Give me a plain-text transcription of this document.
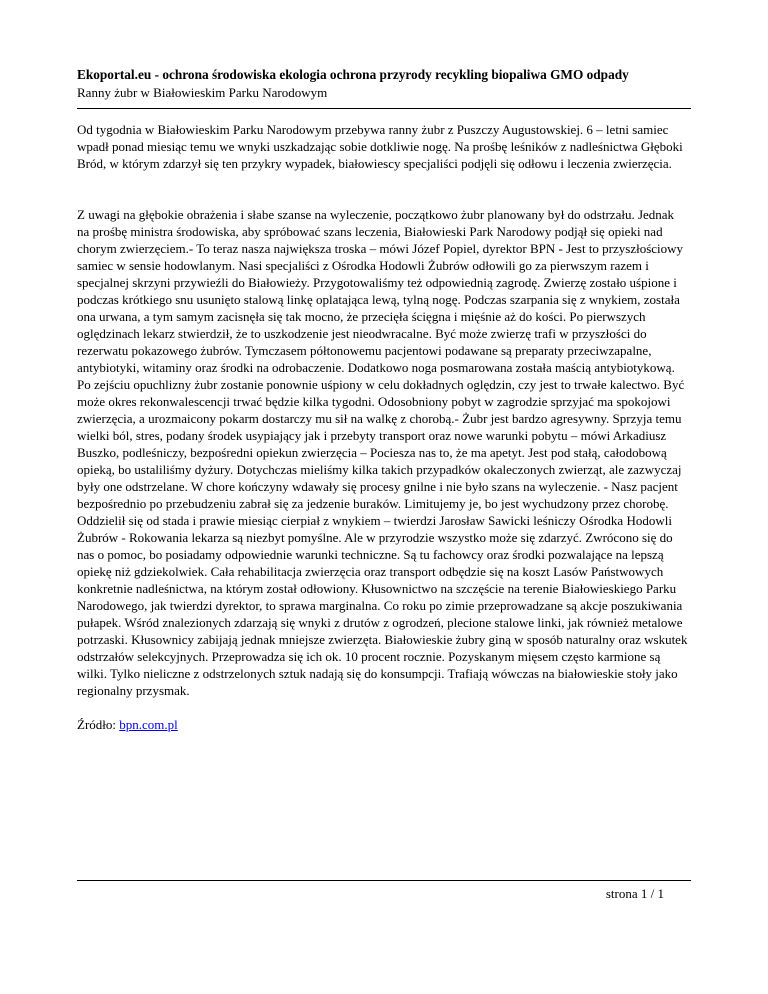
Ekoportal.eu - ochrona środowiska ekologia ochrona przyrody recykling biopaliwa GMO odpady

Ranny żubr w Białowieskim Parku Narodowym

Od tygodnia w Białowieskim Parku Narodowym przebywa ranny żubr z Puszczy Augustowskiej. 6 – letni samiec wpadł ponad miesiąc temu we wnyki uszkadzając sobie dotkliwie nogę. Na prośbę leśników z nadleśnictwa Głęboki Bród, w którym zdarzył się ten przykry wypadek, białowiescy specjaliści podjęli się odłowu i leczenia zwierzęcia.

Z uwagi na głębokie obrażenia i słabe szanse na wyleczenie, początkowo żubr planowany był do odstrzału. Jednak na prośbę ministra środowiska, aby spróbować szans leczenia, Białowieski Park Narodowy podjął się opieki nad chorym zwierzęciem.- To teraz nasza największa troska – mówi Józef Popiel, dyrektor BPN - Jest to przyszłościowy samiec w sensie hodowlanym. Nasi specjaliści z Ośrodka Hodowli Żubrów odłowili go za pierwszym razem i specjalnej skrzyni przywieźli do Białowieży. Przygotowaliśmy też odpowiednią zagrodę. Zwierzę zostało uśpione i podczas krótkiego snu usunięto stalową linkę oplatająca lewą, tylną nogę. Podczas szarpania się z wnykiem, została ona urwana, a tym samym zacisnęła się tak mocno, że przecięła ścięgna i mięśnie aż do kości. Po pierwszych oględzinach lekarz stwierdził, że to uszkodzenie jest nieodwracalne. Być może zwierzę trafi w przyszłości do rezerwatu pokazowego żubrów. Tymczasem półtonowemu pacjentowi podawane są preparaty przeciwzapalne, antybiotyki, witaminy oraz środki na odrobaczenie. Dodatkowo noga posmarowana została maścią antybiotykową. Po zejściu opuchlizny żubr zostanie ponownie uśpiony w celu dokładnych oględzin, czy jest to trwałe kalectwo. Być może okres rekonwalescencji trwać będzie kilka tygodni. Odosobniony pobyt w zagrodzie sprzyjać ma spokojowi zwierzęcia, a urozmaicony pokarm dostarczy mu sił na walkę z chorobą.- Żubr jest bardzo agresywny. Sprzyja temu wielki ból, stres, podany środek usypiający jak i przebyty transport oraz nowe warunki pobytu – mówi Arkadiusz Buszko, podleśniczy, bezpośredni opiekun zwierzęcia – Pociesza nas to, że ma apetyt. Jest pod stałą, całodobową opieką, bo ustaliliśmy dyżury. Dotychczas mieliśmy kilka takich przypadków okaleczonych zwierząt, ale zazwyczaj były one odstrzelane. W chore kończyny wdawały się procesy gnilne i nie było szans na wyleczenie. - Nasz pacjent bezpośrednio po przebudzeniu zabrał się za jedzenie buraków. Limitujemy je, bo jest wychudzony przez chorobę. Oddzielił się od stada i prawie miesiąc cierpiał z wnykiem – twierdzi Jarosław Sawicki leśniczy Ośrodka Hodowli Żubrów - Rokowania lekarza są niezbyt pomyślne. Ale w przyrodzie wszystko może się zdarzyć. Zwrócono się do nas o pomoc, bo posiadamy odpowiednie warunki techniczne. Są tu fachowcy oraz środki pozwalające na lepszą opiekę niż gdziekolwiek. Cała rehabilitacja zwierzęcia oraz transport odbędzie się na koszt Lasów Państwowych konkretnie nadleśnictwa, na którym został odłowiony. Kłusownictwo na szczęście na terenie Białowieskiego Parku Narodowego, jak twierdzi dyrektor, to sprawa marginalna. Co roku po zimie przeprowadzane są akcje poszukiwania pułapek. Wśród znalezionych zdarzają się wnyki z drutów z ogrodzeń, plecione stalowe linki, jak również metalowe potrzaski. Kłusownicy zabijają jednak mniejsze zwierzęta. Białowieskie żubry giną w sposób naturalny oraz wskutek odstrzałów selekcyjnych. Przeprowadza się ich ok. 10 procent rocznie. Pozyskanym mięsem często karmione są wilki. Tylko nieliczne z odstrzelonych sztuk nadają się do konsumpcji. Trafiają wówczas na białowieskie stoły jako regionalny przysmak.

Źródło: bpn.com.pl

strona 1 / 1
